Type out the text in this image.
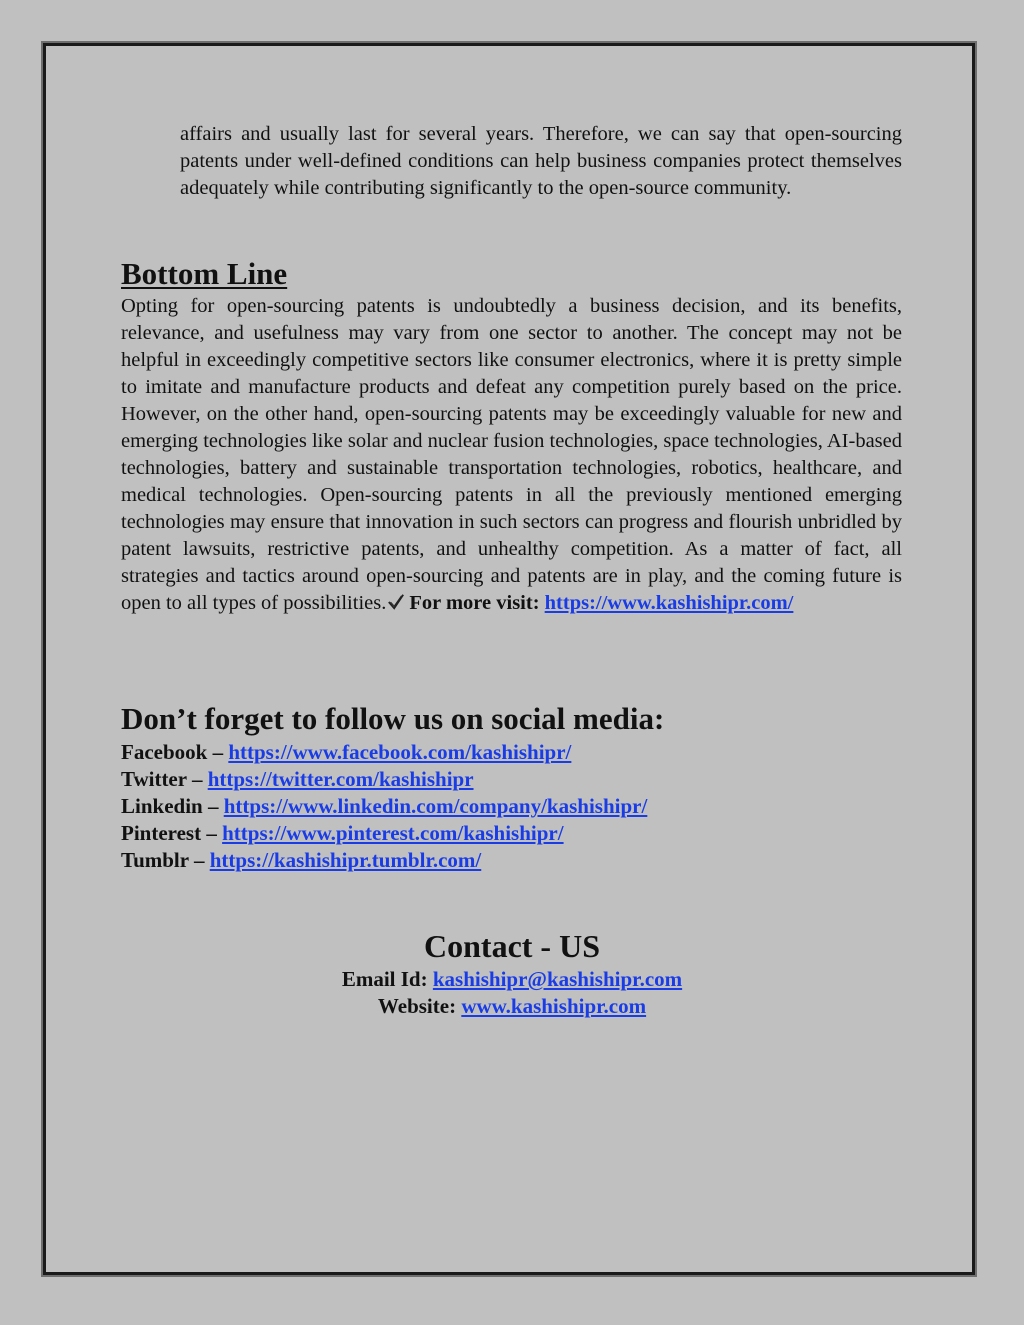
affairs and usually last for several years. Therefore, we can say that open-sourcing patents under well-defined conditions can help business companies protect themselves adequately while contributing significantly to the open-source community.

Bottom Line

Opting for open-sourcing patents is undoubtedly a business decision, and its benefits, relevance, and usefulness may vary from one sector to another. The concept may not be helpful in exceedingly competitive sectors like consumer electronics, where it is pretty simple to imitate and manufacture products and defeat any competition purely based on the price. However, on the other hand, open-sourcing patents may be exceedingly valuable for new and emerging technologies like solar and nuclear fusion technologies, space technologies, AI-based technologies, battery and sustainable transportation technologies, robotics, healthcare, and medical technologies. Open-sourcing patents in all the previously mentioned emerging technologies may ensure that innovation in such sectors can progress and flourish unbridled by patent lawsuits, restrictive patents, and unhealthy competition. As a matter of fact, all strategies and tactics around open-sourcing and patents are in play, and the coming future is open to all types of possibilities. For more visit: https://www.kashishipr.com/

Don’t forget to follow us on social media:
Facebook – https://www.facebook.com/kashishipr/
Twitter – https://twitter.com/kashishipr
Linkedin – https://www.linkedin.com/company/kashishipr/
Pinterest – https://www.pinterest.com/kashishipr/
Tumblr – https://kashishipr.tumblr.com/
Contact - US

Email Id: kashishipr@kashishipr.com

Website: www.kashishipr.com
